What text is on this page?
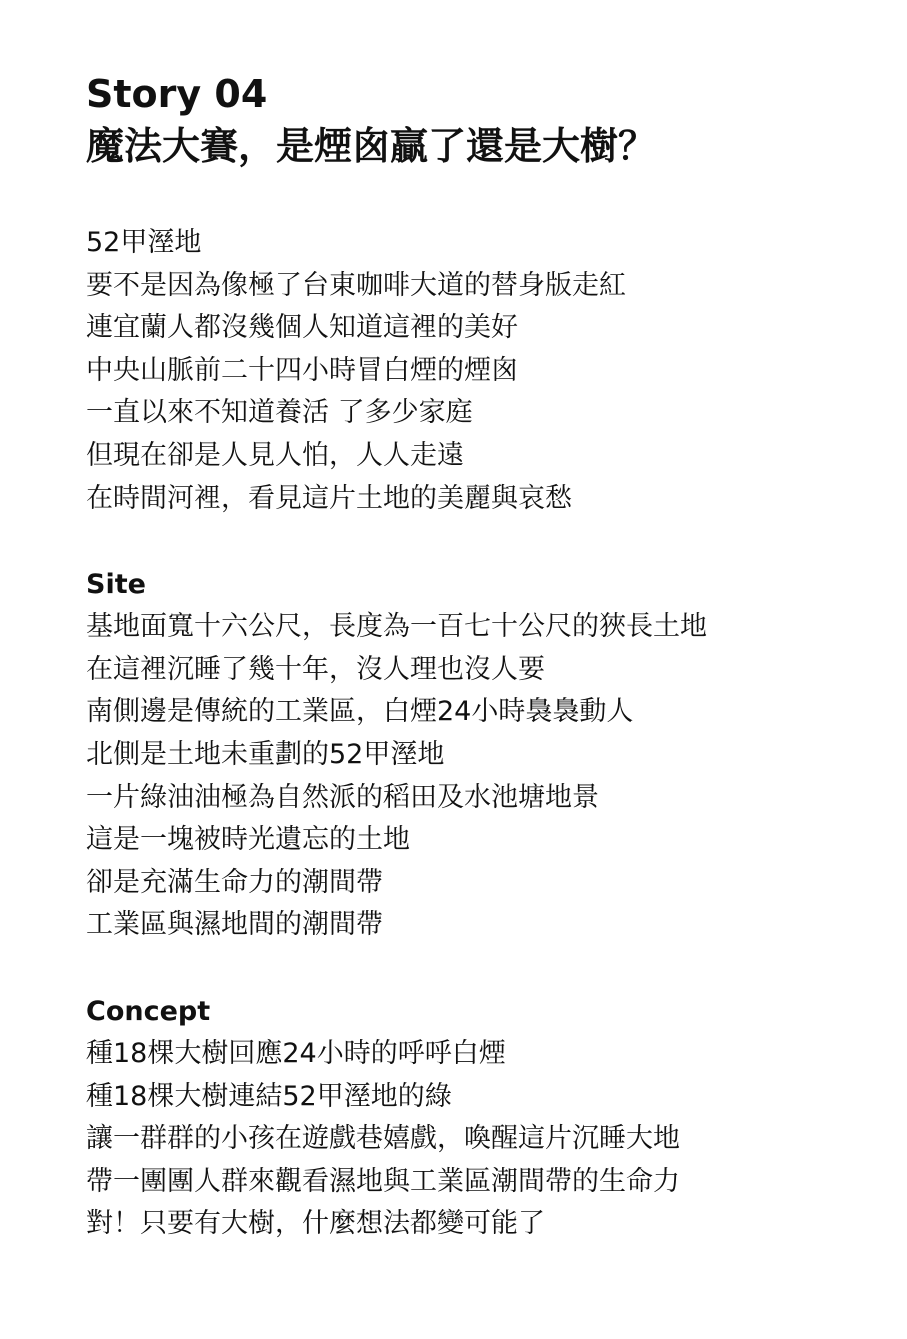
Story 04
魔法大賽，是煙囪贏了還是大樹？
52甲溼地
要不是因為像極了台東咖啡大道的替身版走紅
連宜蘭人都沒幾個人知道這裡的美好
中央山脈前二十四小時冒白煙的煙囪
一直以來不知道養活 了多少家庭
但現在卻是人見人怕，人人走遠
在時間河裡，看見這片土地的美麗與哀愁
Site
基地面寬十六公尺，長度為一百七十公尺的狹長土地
在這裡沉睡了幾十年，沒人理也沒人要
南側邊是傳統的工業區，白煙24小時裊裊動人
北側是土地未重劃的52甲溼地
一片綠油油極為自然派的稻田及水池塘地景
這是一塊被時光遺忘的土地
卻是充滿生命力的潮間帶
工業區與濕地間的潮間帶
Concept
種18棵大樹回應24小時的呼呼白煙
種18棵大樹連結52甲溼地的綠
讓一群群的小孩在遊戲巷嬉戲，喚醒這片沉睡大地
帶一團團人群來觀看濕地與工業區潮間帶的生命力
對！只要有大樹，什麼想法都變可能了
